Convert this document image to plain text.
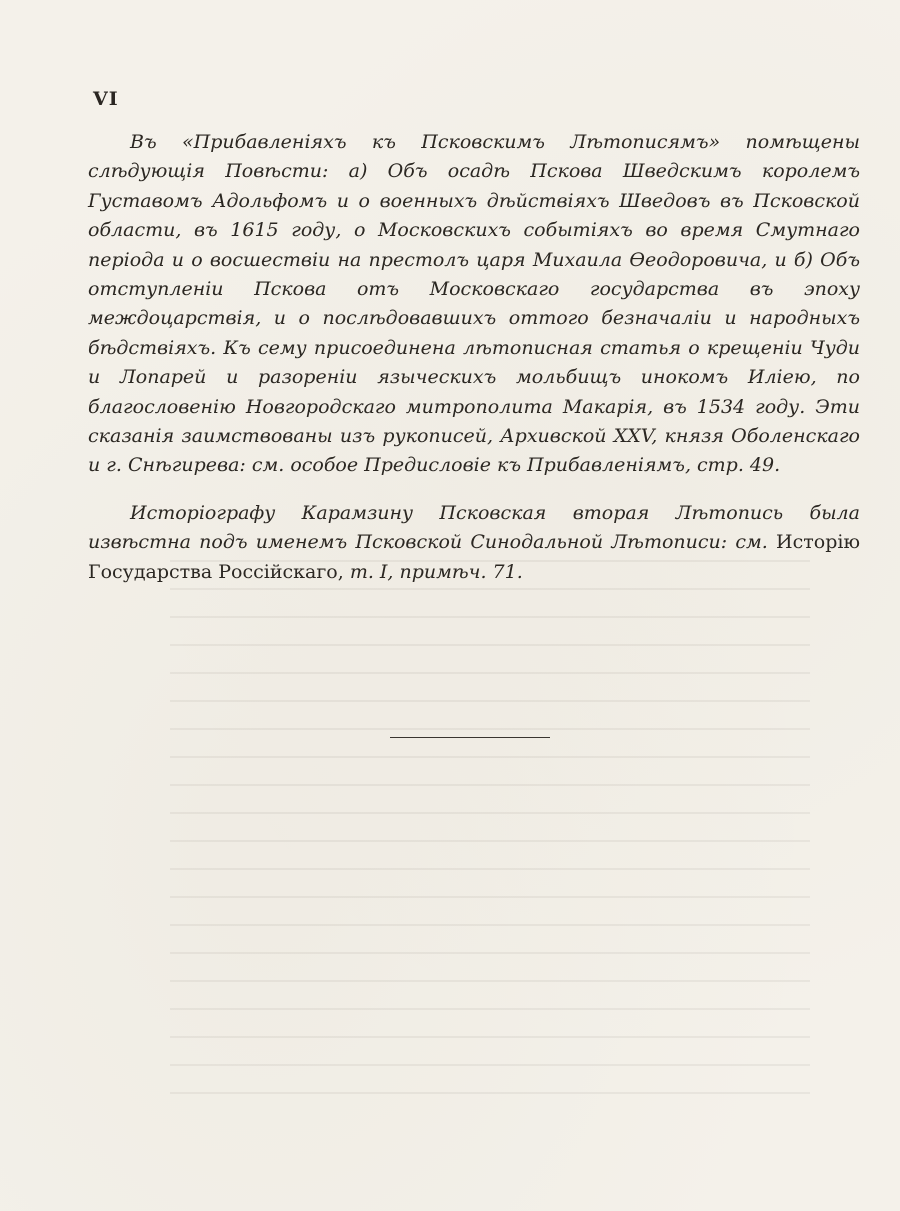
VI

Въ «Прибавленіяхъ къ Псковскимъ Лѣтописямъ» помѣщены слѣдующія Повѣсти: а) Объ осадѣ Пскова Шведскимъ королемъ Густавомъ Адольфомъ и о военныхъ дѣйствіяхъ Шведовъ въ Псковской области, въ 1615 году, о Московскихъ событіяхъ во время Смутнаго періода и о восшествіи на престолъ царя Михаила Ѳеодоровича, и б) Объ отступленіи Пскова отъ Московскаго государства въ эпоху междоцарствія, и о послѣдовавшихъ оттого безначаліи и народныхъ бѣдствіяхъ. Къ сему присоединена лѣтописная статья о крещеніи Чуди и Лопарей и разореніи языческихъ мольбищъ инокомъ Иліею, по благословенію Новгородскаго митрополита Макарія, въ 1534 году. Эти сказанія заимствованы изъ рукописей, Архивской XXV, князя Оболенскаго и г. Снѣгирева: см. особое Предисловіе къ Прибавленіямъ, стр. 49.

Исторіографу Карамзину Псковская вторая Лѣтопись была извѣстна подъ именемъ Псковской Синодальной Лѣтописи: см. Исторію Государства Россійскаго, т. I, примѣч. 71.
